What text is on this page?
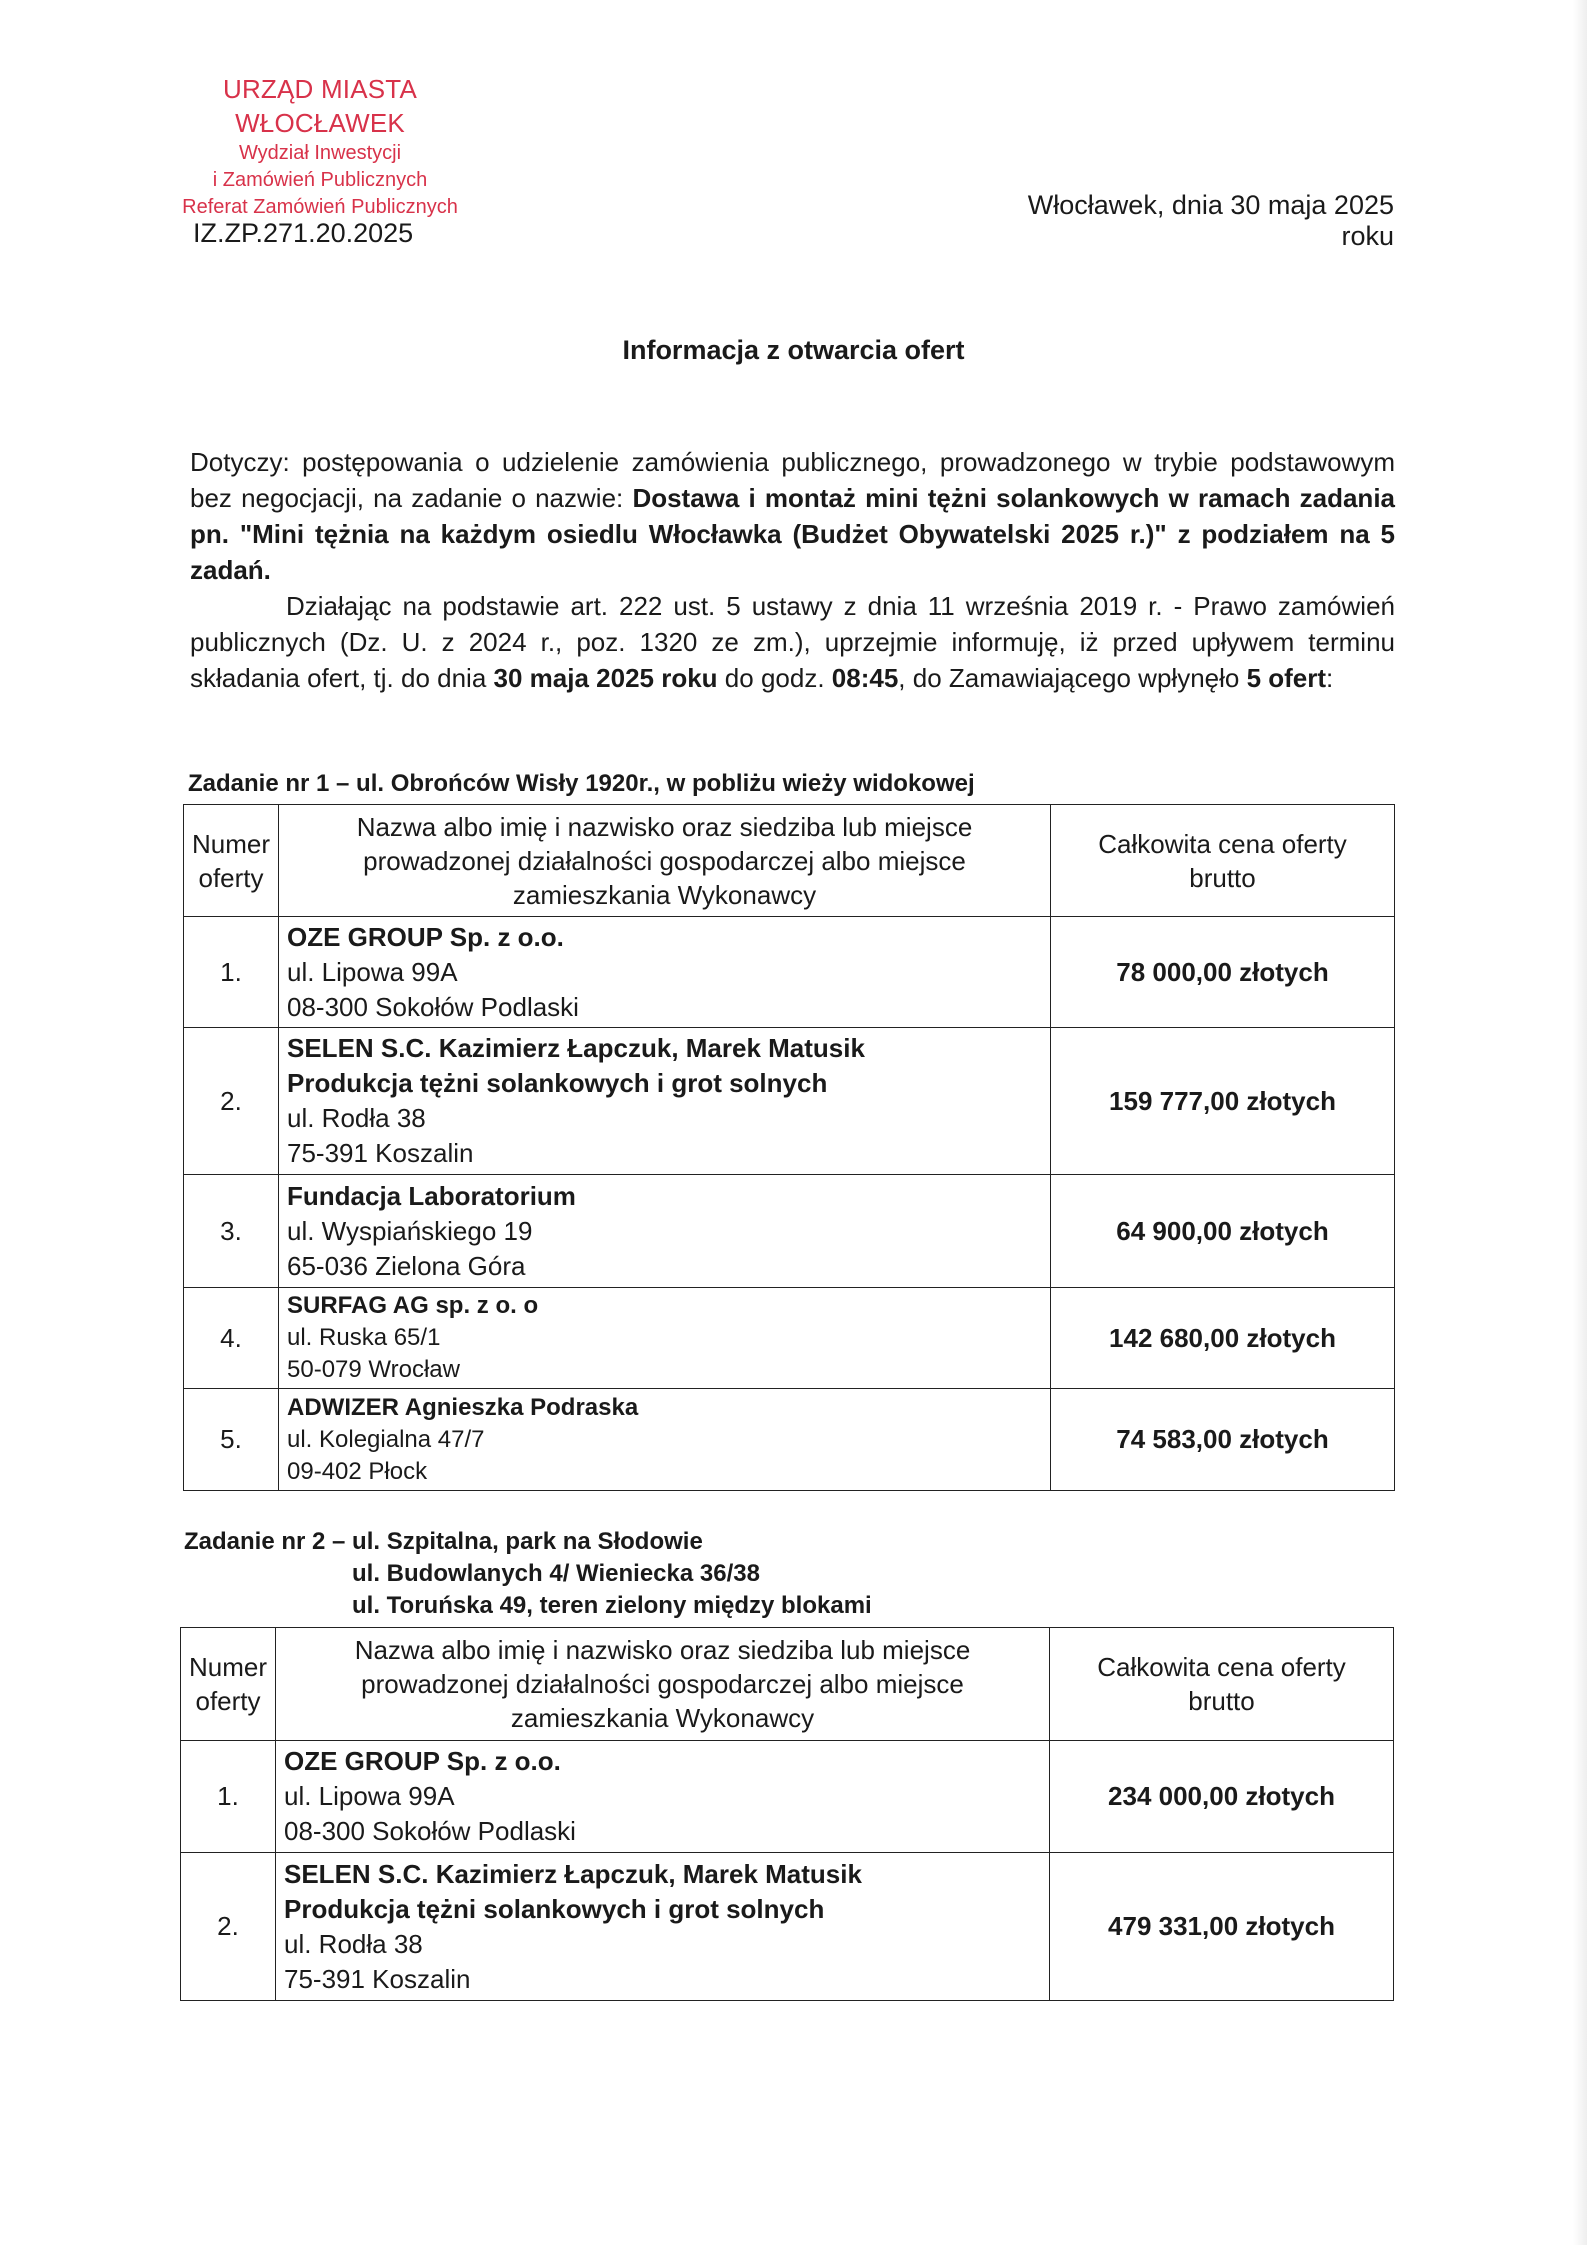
URZĄD MIASTA WŁOCŁAWEK
Wydział Inwestycji
i Zamówień Publicznych
Referat Zamówień Publicznych	Włocławek, dnia 30 maja 2025 roku
IZ.ZP.271.20.2025
Informacja z otwarcia ofert
Dotyczy: postępowania o udzielenie zamówienia publicznego, prowadzonego w trybie podstawowym bez negocjacji, na zadanie o nazwie: Dostawa i montaż mini tężni solankowych w ramach zadania pn. "Mini tężnia na każdym osiedlu Włocławka (Budżet Obywatelski 2025 r.)" z podziałem na 5 zadań.
Działając na podstawie art. 222 ust. 5 ustawy z dnia 11 września 2019 r. - Prawo zamówień publicznych (Dz. U. z 2024 r., poz. 1320 ze zm.), uprzejmie informuję, iż przed upływem terminu składania ofert, tj. do dnia 30 maja 2025 roku do godz. 08:45, do Zamawiającego wpłynęło 5 ofert:
Zadanie nr 1 – ul. Obrońców Wisły 1920r., w pobliżu wieży widokowej
Numer
oferty	Nazwa albo imię i nazwisko oraz siedziba lub miejsce prowadzonej działalności gospodarczej albo miejsce zamieszkania Wykonawcy	Całkowita cena oferty
brutto
1.	OZE GROUP Sp. z o.o.
ul. Lipowa 99A
08-300 Sokołów Podlaski	78 000,00 złotych
2.	SELEN S.C. Kazimierz Łapczuk, Marek Matusik
Produkcja tężni solankowych i grot solnych
ul. Rodła 38
75-391 Koszalin	159 777,00 złotych
3.	Fundacja Laboratorium
ul. Wyspiańskiego 19
65-036 Zielona Góra	64 900,00 złotych
4.	SURFAG AG sp. z o. o
ul. Ruska 65/1
50-079 Wrocław	142 680,00 złotych
5.	ADWIZER Agnieszka Podraska
ul. Kolegialna 47/7
09-402 Płock	74 583,00 złotych
Zadanie nr 2 – ul. Szpitalna, park na Słodowie
ul. Budowlanych 4/ Wieniecka 36/38
ul. Toruńska 49, teren zielony między blokami
Numer
oferty	Nazwa albo imię i nazwisko oraz siedziba lub miejsce prowadzonej działalności gospodarczej albo miejsce zamieszkania Wykonawcy	Całkowita cena oferty
brutto
1.	OZE GROUP Sp. z o.o.
ul. Lipowa 99A
08-300 Sokołów Podlaski	234 000,00 złotych
2.	SELEN S.C. Kazimierz Łapczuk, Marek Matusik
Produkcja tężni solankowych i grot solnych
ul. Rodła 38
75-391 Koszalin	479 331,00 złotych
